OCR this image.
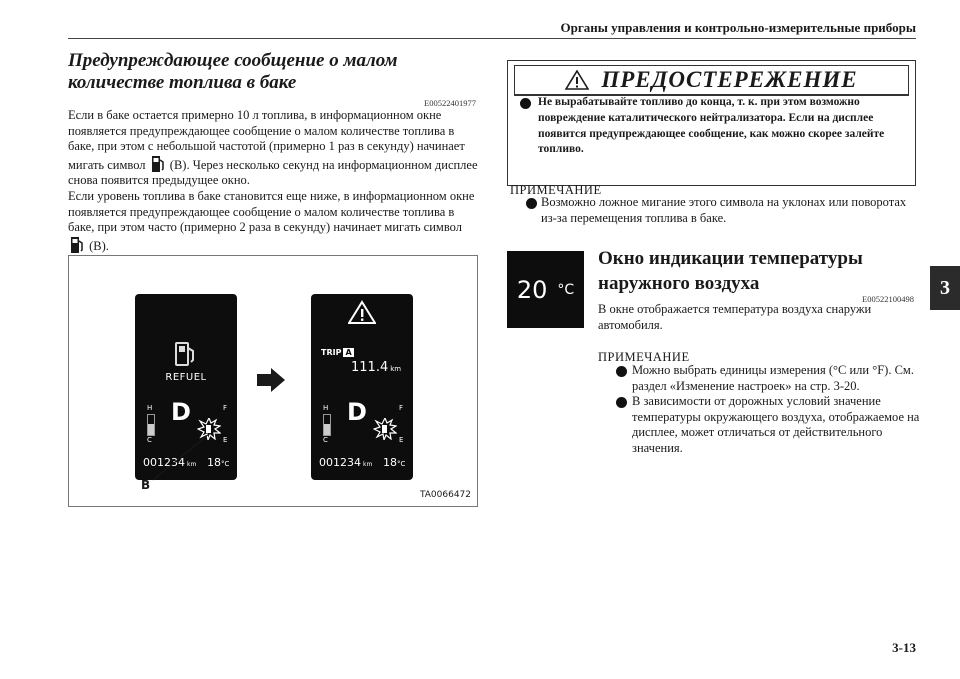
Органы управления и контрольно-измерительные приборы
3
Предупреждающее сообщение о малом количестве топлива в баке
E00522401977
Если в баке остается примерно 10 л топлива, в информационном окне появляется предупреждающее сообщение о малом количестве топлива в баке, при этом с небольшой частотой (примерно 1 раз в секунду) начинает мигать символ (B). Через несколько секунд на информационном дисплее снова появится предыдущее окно.
Если уровень топлива в баке становится еще ниже, в информационном окне появляется предупреждающее сообщение о малом количестве топлива в баке, при этом часто (примерно 2 раза в секунду) начинает мигать символ  (B).
REFUEL
H
C
D	F
E
001234 km 18°C
TRIP A
111.4 km
H
C
D	F
E
001234 km 18°C
B
TA0066472
ПРЕДОСТЕРЕЖЕНИЕ
Не вырабатывайте топливо до конца, т. к. при этом возможно повреждение каталитического нейтрализатора. Если на дисплее появится предупреждающее сообщение, как можно скорее залейте топливо.
ПРИМЕЧАНИЕ
Возможно ложное мигание этого символа на уклонах или поворотах из-за перемещения топлива в баке.
20 °C
Окно индикации температуры наружного воздуха
E00522100498
В окне отображается температура воздуха снаружи автомобиля.
ПРИМЕЧАНИЕ
Можно выбрать единицы измерения (°C или °F). См. раздел «Изменение настроек» на стр. 3-20.
В зависимости от дорожных условий значение температуры окружающего воздуха, отображаемое на дисплее, может отличаться от действительного значения.
3-13
